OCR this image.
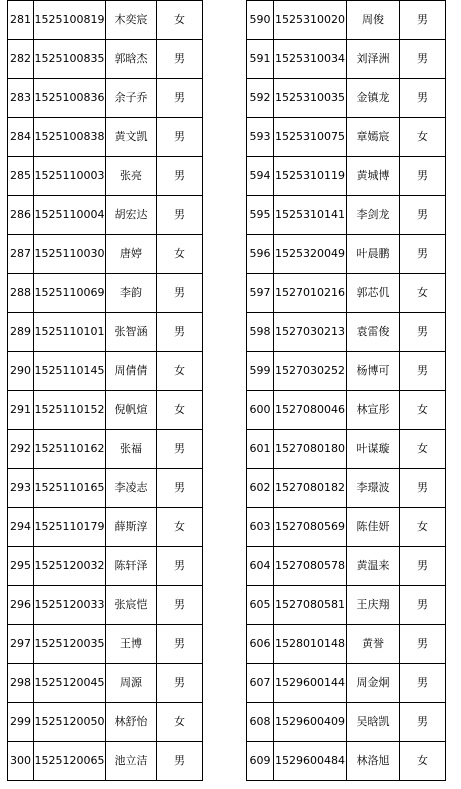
281	1525100819	木奕宸	女
282	1525100835	郭晗杰	男
283	1525100836	余子乔	男
284	1525100838	黄文凯	男
285	1525110003	张亮	男
286	1525110004	胡宏达	男
287	1525110030	唐婷	女
288	1525110069	李韵	男
289	1525110101	张智涵	男
290	1525110145	周倩倩	女
291	1525110152	倪帆煊	女
292	1525110162	张福	男
293	1525110165	李凌志	男
294	1525110179	薛斯淳	女
295	1525120032	陈轩泽	男
296	1525120033	张宸恺	男
297	1525120035	王博	男
298	1525120045	周源	男
299	1525120050	林舒怡	女
300	1525120065	池立洁	男
590	1525310020	周俊	男
591	1525310034	刘泽洲	男
592	1525310035	金镇龙	男
593	1525310075	章嫣宸	女
594	1525310119	黄城博	男
595	1525310141	李剑龙	男
596	1525320049	叶晨鹏	男
597	1527010216	郭芯仉	女
598	1527030213	袁雷俊	男
599	1527030252	杨博可	男
600	1527080046	林宣彤	女
601	1527080180	叶谋璇	女
602	1527080182	李璟波	男
603	1527080569	陈佳妍	女
604	1527080578	黄温来	男
605	1527080581	王庆翔	男
606	1528010148	黄誉	男
607	1529600144	周金炯	男
608	1529600409	吴晗凯	男
609	1529600484	林洛旭	女
